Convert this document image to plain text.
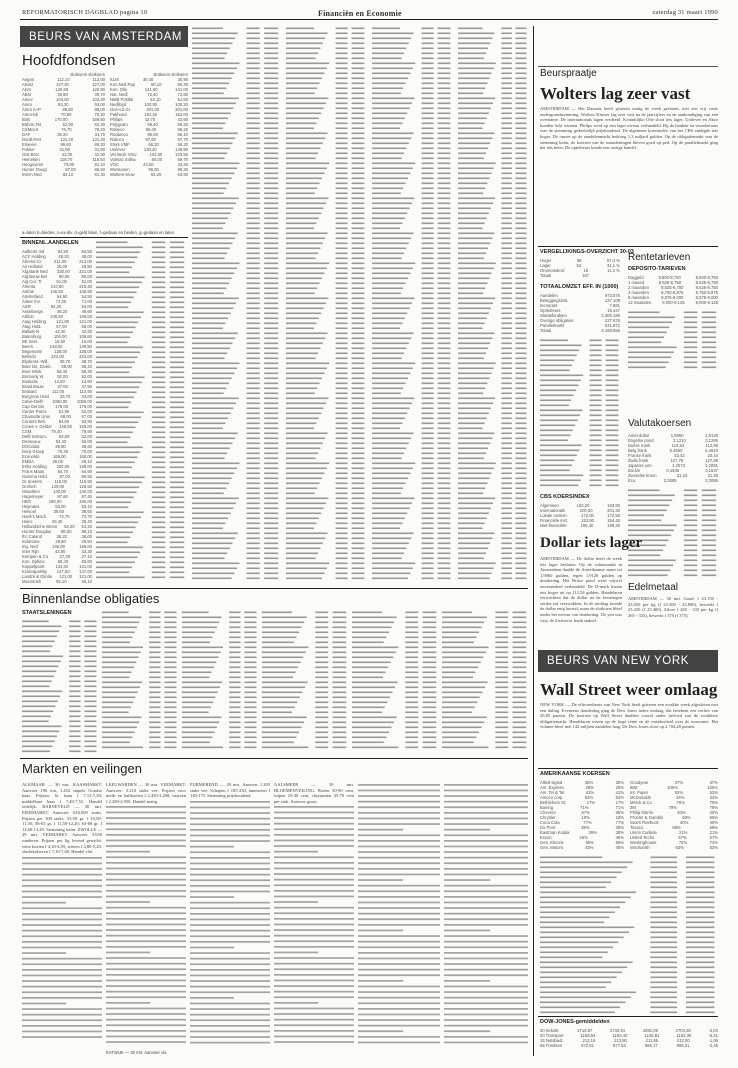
REFORMATORISCH DAGBLAD pagina 10	Financiën en Economie	zaterdag 31 maart 1990
BEURS VAN AMSTERDAM
Hoofdfondsen
slotkoers slotkoers
Aegon	112,10	112,00
Ahold	127,20	127,00
Akzo	120,60	120,80
ABN	39,80	39,70
Amev	103,50	103,30
Amro	93,30	93,00
Amro A+P	88,60	88,00
Amro-bk	70,90	70,20
Bols	170,00	169,50
Bührm.Tet	62,90	62,30
CSMcert	76,70	76,20
DAF	35,20	34,70
Dordt.Petr	131,20	131,40
Elsevier	89,60	89,20
Fokker	31,90	31,60
Gist-Broc	43,30	42,90
Heineken	118,70	118,50
Hoogovens	79,80	81,10
Hunter Dougl	87,00	86,50
Intern.Ned	82,10	81,40
slotkoers slotkoers
KLM	30,40	30,90
Kon.Ned.Pap	60,10	60,30
Kon. Olie	141,50	141,00
Nat. Nedl	72,40	72,80
NMB Postbk	52,10	51,60
Nedlloyd	100,90	100,20
Océ-v.d.Gr	301,00	301,00
Pakhoed	152,50	152,00
Philips	42,70	42,60
Polygram	56,40	56,20
Robeco	98,40	98,20
Rodamco	86,60	86,10
Rolinco	97,60	97,70
Stork VMF	56,30	56,20
Unilever	130,20	149,90
Ver.Bezit VNU	103,50	103,50
Volmac Softw.	60,00	59,70
VOC	43,50	43,40
Wessanen	95,50	95,30
Wolters-Kluw	64,20	63,90
a=laten b=bieden, c=ex-div, d=geld laten, f=gedaan en bieden, g=gedaan en laten
BINNENL.AANDELEN
Aalberts Ind	64,50	64,50
ACF Holding	48,20	48,00
Ahrend Gr	211,00	213,00
Air Holland	25,00	25,50
Alg.Bank Ned 320,00 321,00
Alg.Bouw Bel	80,00	80,00
Alg.Cur. Tr	51,00	51,00
Alrenta	210,50	210,40
Amfas	146,50	145,50
Amstelland	54,50	54,50
Anker Inv.	72,00	71,00
ASR	84,20	84,00
Asselbergs	48,20	48,60
Athlon	108,50	108,00
Atag Holding 121,80 121,00
Atag Hold.	67,00	66,00
Ballast-N	42,40	42,60
Batenburg	106,00	106,50
BE Sem.	16,50	16,00
Beers	148,00	149,50
Begemann	128,00	128,00
Belindo	322,00	322,00
Blydenst.-Will.	38,70	38,70
Boer De, Drukk. 88,00 88,20
Boer Wink.	58,40	58,40
Borsumij W	92,00	92,00
Boskalis	14,50	14,60
Braat Bouw	37,00	37,50
Brabant	111,00	110,50
Burgman Hold	33,70	34,00
Calvé-Delft 1060,00 1065,00
Cap Gemini	176,00	176,00
Center Parcs	51,90	52,00
Chamotte Unie	69,00	67,00
Content Beh.	84,60	83,90
Crown v. Gelder 155,50 155,00
CSM	79,40	79,50
Delft Instrum.	62,00	62,00
Desseaux	54,40	55,00
DOCdata	39,80	39,60
Dorp-Groep	70,30	70,00
Econosto	169,00	168,00
EMBA	26,00	26,10
Eriks Holding 200,00 198,00
Frans Maas	64,70	64,50
Gamma Hold.	87,00	86,50
Gr.Soeters	115,00	115,50
Grolsch	129,00	128,50
Gtwerken	140,00	140,00
Hagemeyer	87,60	87,40
HBG	190,00	190,00
Heijmans	53,00	53,10
Helvoet	39,60	39,50
Hoek's Mach.	72,70	72,70
Holec	28,40	28,40
Hollandsche Beton 54,20 54,20
Hunter Douglas 86,00 86,10
Ihc Caland	36,20	36,00
Indorome	29,80	29,50
Ing. Ned	166,00	166,00
Inter Rijn	43,80	43,30
Kempen & Co	27,30	27,10
Kon. Sphinx	65,40	65,60
Koppelpoort	131,00	131,00
Krasnapolsky 147,00 147,00
Landré & Glinde 121,00 121,00
Macintosh	55,10	55,10
Binnenlandse obligaties
STAATSLENINGEN
Markten en veilingen
ALKMAAR — 30 mrt. KAASMARKT. Aanvoer 196 ton, 1.452 stapels Goudse kaas. Prijzen: kl. kaas f 7,12-7,30; middelbare kaas f 7,40-7,55. Handel redelijk. BARNEVELD — 30 mrt. EIERMARKT. Aanvoer: 610.000 stuks. Prijzen per 100 stuks: 53-58 gr. f 10,50-11,30; 58-63 gr. f 11,50-12,20; 63-68 gr. f 12,60-13,20. Stemming kalm. ZWOLLE — 29 mrt. VEEMARKT. Aanvoer 3.650 runderen. Prijzen per kg levend gewicht: vette koeien f 4,30-4,95; stieren f 4,80-5,20; slachtkalveren f 7,10-7,60. Handel vlot.
LEEUWARDEN — 30 mrt. VEEMARKT. Aanvoer: 3.210 stuks vee. Prijzen voor melk- en kalfkoeien f 2.450-3.200; vaarzen f 2.200-2.950. Handel matig.
PURMEREND — 29 mrt. Aanvoer 1.205 stuks vee. Schapen f 185-230, lammeren f 140-175. Stemming prijshoudend.
AALSMEER — 30 mrt. BLOEMENVEILING. Rozen 50-90 cent, tulpen 25-40 cent, chrysanten 45-70 cent per stuk. Aanvoer groot.
KATWIJK — 30 mrt. Aanvoer vis.
Beurspraatje
Wolters lag zeer vast
AMSTERDAM — Het Damrak heeft gisteren matig de week gesloten, met een vrij vaste ondergrondstemming. Wolters Kluwer lag zeer vast na de jaarcijfers en de aankondiging van een overname. De internationals lagen verdeeld. Koninklijke Olie sloot iets lager, Unilever en Akzo konden licht winnen. Philips werd op een lager niveau verhandeld. Bij de banken en verzekeraars was de stemming gedeeltelijk prijshoudend. De algemene koersindex van het CBS eindigde iets hoger. De omzet op de aandelenmarkt bedroeg 1,3 miljard gulden. Op de obligatiemarkt was de stemming kalm, de koersen van de staatsleningen bleven goed op peil. Op de parallelmarkt ging het iets beter. De optiebeurs kende een rustige handel.
VERGELIJKINGS-OVERZICHT 30-03
Hoger	96	57,4 %
Lager	52	31,1 %
Onveranderd	19	11,4 %
Totaal	167
TOTAALOMZET EFF. IN (1000)
Aandelen	973.575
Beleggingsinst.	137.109
Incourant	7.681
Optiebeurs	16.447
Staatsfondsen	2.305.196
Overige obligaties	227.676
Parallelmarkt	531.972
Totaal	4.199.656
Rentetarieven
DEPOSITO-TARIEVEN
Daggeld	8,500-8,750	8,500-8,750
1 maand	8,625-8,750	8,625-8,750
2 maanden	8,625-8,750	8,625-8,750
3 maanden	8,750-8,875	8,750-8,875
6 maanden	8,875-9,000	8,875-9,000
12 maanden	9,000-9,125	9,000-9,125
CBS KOERSINDEX
Algemeen	183,20	183,90
Internationals	200,30	201,20
Lokale ondern.	172,00	172,50
Financiële inst.	153,90	154,40
Niet-financiële	198,40	199,20
Valutakoersen
Amer.dollar	1,9060	1,9120
Engelse pond	3,1210	3,1285
Duitse mark	112,54	112,59
Belg.frank	5,4560	5,4610
Franse frank	33,42	33,44
Zwits.frank	127,79	127,89
Japanse yen	1,2073	1,2081
Ital.lire	0,1535	0,1537
Zweedse kroon	31,23	31,25
Ecu	2,3065	2,3085
Edelmetaal
AMSTERDAM — 30 mrt. Goud: f 23.150 - 23.650 per kg (f 23.300 - 23.800), bewerkt f 25.250 (f 25.400). Zilver f 265 - 335 per kg (f 265 - 335), bewerkt f 375 (f 375).
Dollar iets lager
AMSTERDAM — De dollar heeft de week iets lager besloten. Op de valutamarkt in Amsterdam daalde de Amerikaanse munt tot 1,9060 gulden, tegen 1,9120 gulden op donderdag. Het Britse pond werd vrijwel onveranderd verhandeld. De D-mark kwam iets hoger uit op 112,54 gulden. Handelaren verwachten dat de dollar na de feestdagen verder zal verzwakken. In de middag toonde de dollar enig herstel, maar de slotkoers bleef onder het niveau van donderdag. De yen was vast, de Zwitserse frank stabiel.
BEURS VAN NEW YORK
Wall Street weer omlaag
NEW YORK — De effectenbeurs van New York heeft gisteren een zwakke week afgesloten met een daling. Eveneens donderdag ging de Dow Jones index omlaag, dat betekent een verlies van 29,85 punten. De koersen op Wall Street daalden vooral onder invloed van de zwakkere obligatiemarkt. Handelaren wezen op de hoge rente en de onzekerheid over de economie. Het volume bleef met 142 miljoen aandelen laag. De Dow Jones sloot op 2.704,28 punten.
AMERIKAANSE KOERSEN
Allied signal	35%	35%
Am. Express	28%	28%
Am. Tel & Tel	41%	41%
Amoco corp	52%	52%
Bethlehem St.	17%	17%
Boeing	71%	71%
Chevron	67%	66%
Chrysler	18%	18%
Coca Cola	77%	77%
Du Pont	38%	38%
Eastman Kodak	38%	38%
Exxon	46%	46%
Gen. Electric	65%	65%
Gen. Motors	45%	45%
Goodyear	37%	37%
IBM	106%	105%
Int. Paper	52%	52%
McDonalds	34%	34%
Merck & Co	76%	75%
3M	79%	79%
Philip Morris	40%	40%
Procter & Gamble	66%	66%
Sears Roebuck	40%	40%
Texaco	58%	58%
Union Carbide	21%	21%
United Techn.	57%	57%
Westinghouse	72%	72%
Woolworth	63%	63%
DOW-JONES-gemiddelden
30 Industr.	2716,57	2734,91	2691,08	2704,28	-3,04
20 Transport	1158,94	1163,40	1146,81	1152,35	-6,41
15 Nutsbedr.	213,16	213,80	211,65	212,00	-1,06
65 Fondsen	972,81	977,63	965,17	968,31	-2,45
